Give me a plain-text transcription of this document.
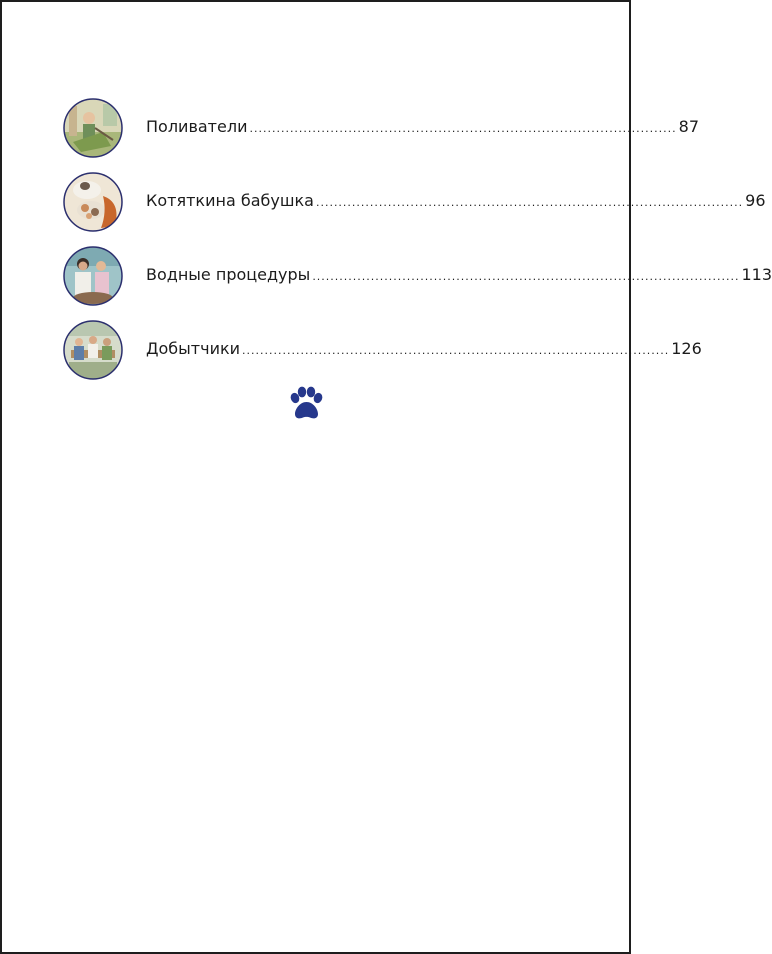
Поливатели ............................................................................................... 87
Котяткина бабушка ............................................................................................... 96
Водные процедуры ............................................................................................... 113
Добытчики ............................................................................................... 126
